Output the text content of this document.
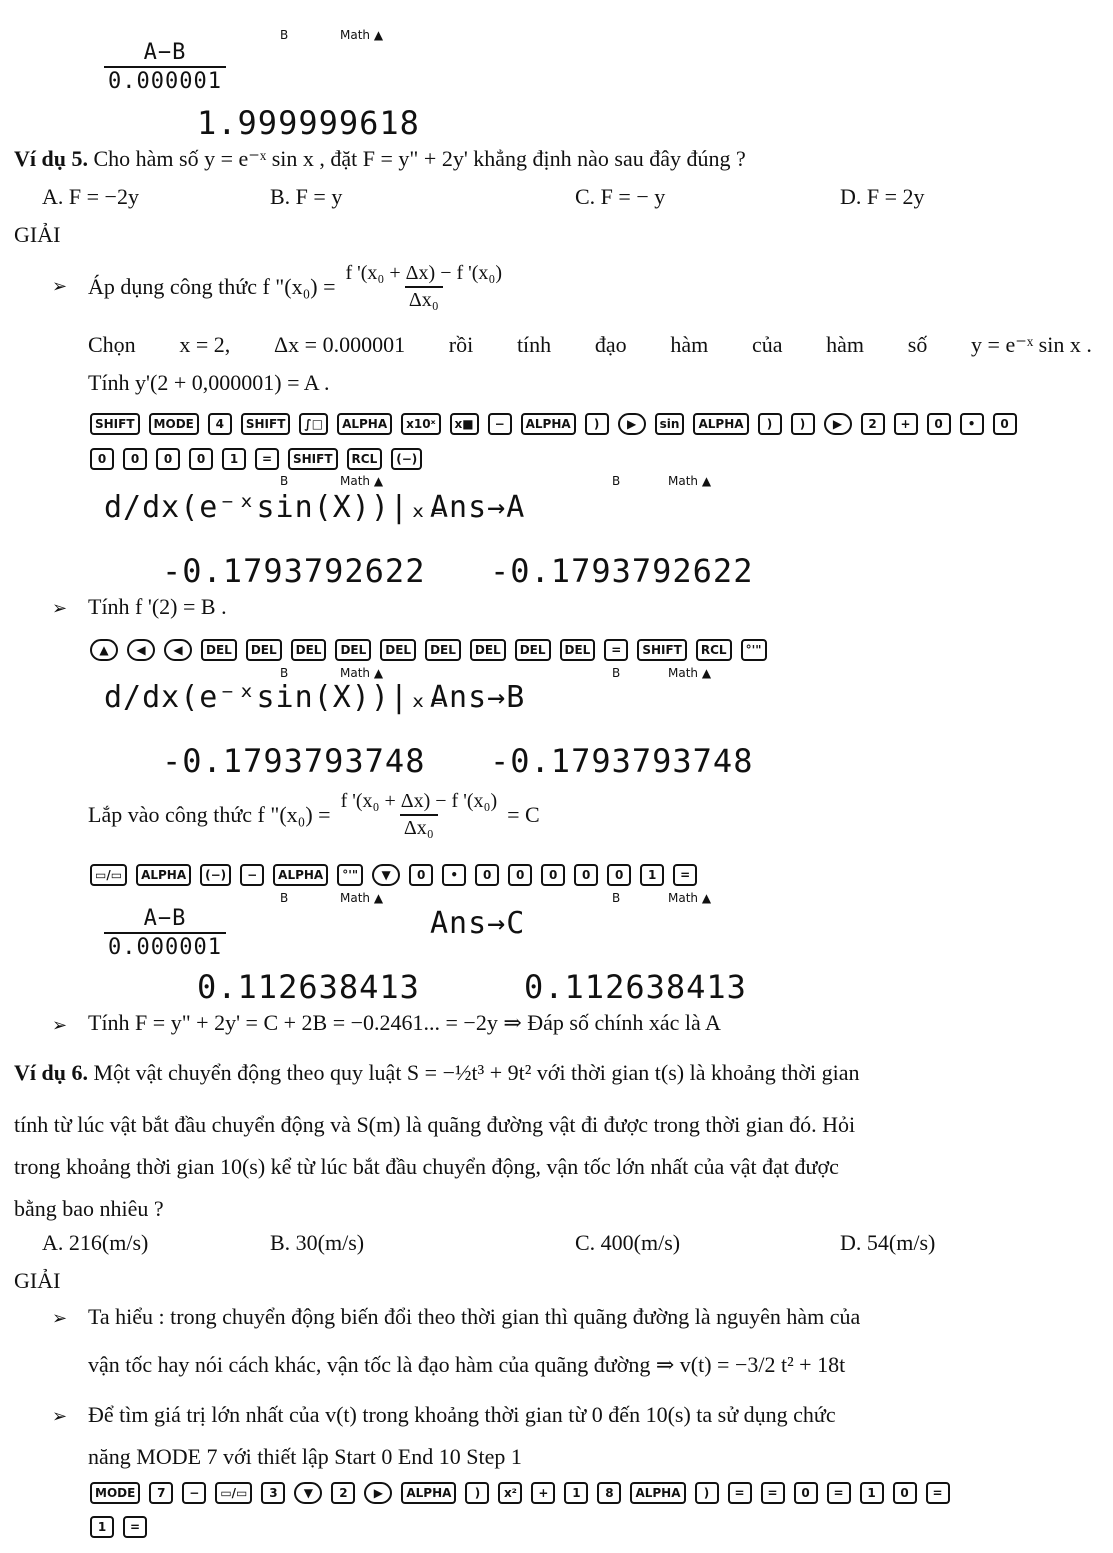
$\frac{A-B}{0.000001}$
B	Math ▲
1.999999618
Ví dụ 5. Cho hàm số y = e⁻ˣ sin x , đặt F = y" + 2y' khẳng định nào sau đây đúng ?
A. F = −2y	B. F = y	C. F = − y	D. F = 2y
GIẢI
➢ Áp dụng công thức f "$(x_0) = \frac{\text{f '(x₀ + Δx) − f '(x₀)}}{\text{Δx₀}}$
Chọn x = 2, Δx = 0.000001 rồi tính đạo hàm của hàm số y = e⁻ˣ sin x .
Tính y'(2 + 0,000001) = A .
SHIFT	MODE	4	SHIFT	∫□	ALPHA	x10ˣ	x■	−	ALPHA	)	▶	sin	ALPHA	)	)	▶	2	+	0	•	0
0	0	0	0	1	=	SHIFT	RCL	(−)
B	Math ▲	B	Math ▲
d/dx(e⁻ˣsin(X))|ₓ₌
Ans→A
-0.1793792622 -0.1793792622
➢ Tính f '(2) = B .
▲	◀	◀	DEL	DEL	DEL	DEL	DEL	DEL	DEL	DEL	DEL	=	SHIFT	RCL	°'"
B	Math ▲	B	Math ▲
d/dx(e⁻ˣsin(X))|ₓ₌
Ans→B
-0.1793793748 -0.1793793748
Lắp vào công thức f "$(x_0) = \frac{\text{f '(x₀ + Δx) − f '(x₀)}}{\text{Δx₀}} = C$
▭/▭	ALPHA	(−)	−	ALPHA	°'"	▼	0	•	0	0	0	0	0	1	=
B	Math ▲	B	Math ▲
$\frac{A-B}{0.000001}$	Ans→C
0.112638413	0.112638413
➢ Tính F = y" + 2y' = C + 2B = −0.2461... = −2y ⇒ Đáp số chính xác là A
Ví dụ 6. Một vật chuyển động theo quy luật S = −½t³ + 9t² với thời gian t(s) là khoảng thời gian
tính từ lúc vật bắt đầu chuyển động và S(m) là quãng đường vật đi được trong thời gian đó. Hỏi
trong khoảng thời gian 10(s) kể từ lúc bắt đầu chuyển động, vận tốc lớn nhất của vật đạt được
bằng bao nhiêu ?
A. 216(m/s)	B. 30(m/s)	C. 400(m/s)	D. 54(m/s)
GIẢI
➢ Ta hiểu : trong chuyển động biến đổi theo thời gian thì quãng đường là nguyên hàm của
vận tốc hay nói cách khác, vận tốc là đạo hàm của quãng đường ⇒ v(t) = −3/2 t² + 18t
➢ Để tìm giá trị lớn nhất của v(t) trong khoảng thời gian từ 0 đến 10(s) ta sử dụng chức
năng MODE 7 với thiết lập Start 0 End 10 Step 1
MODE	7	−	▭/▭	3	▼	2	▶	ALPHA	)	x²	+	1	8	ALPHA	)	=	=	0	=	1	0	=
1	=
